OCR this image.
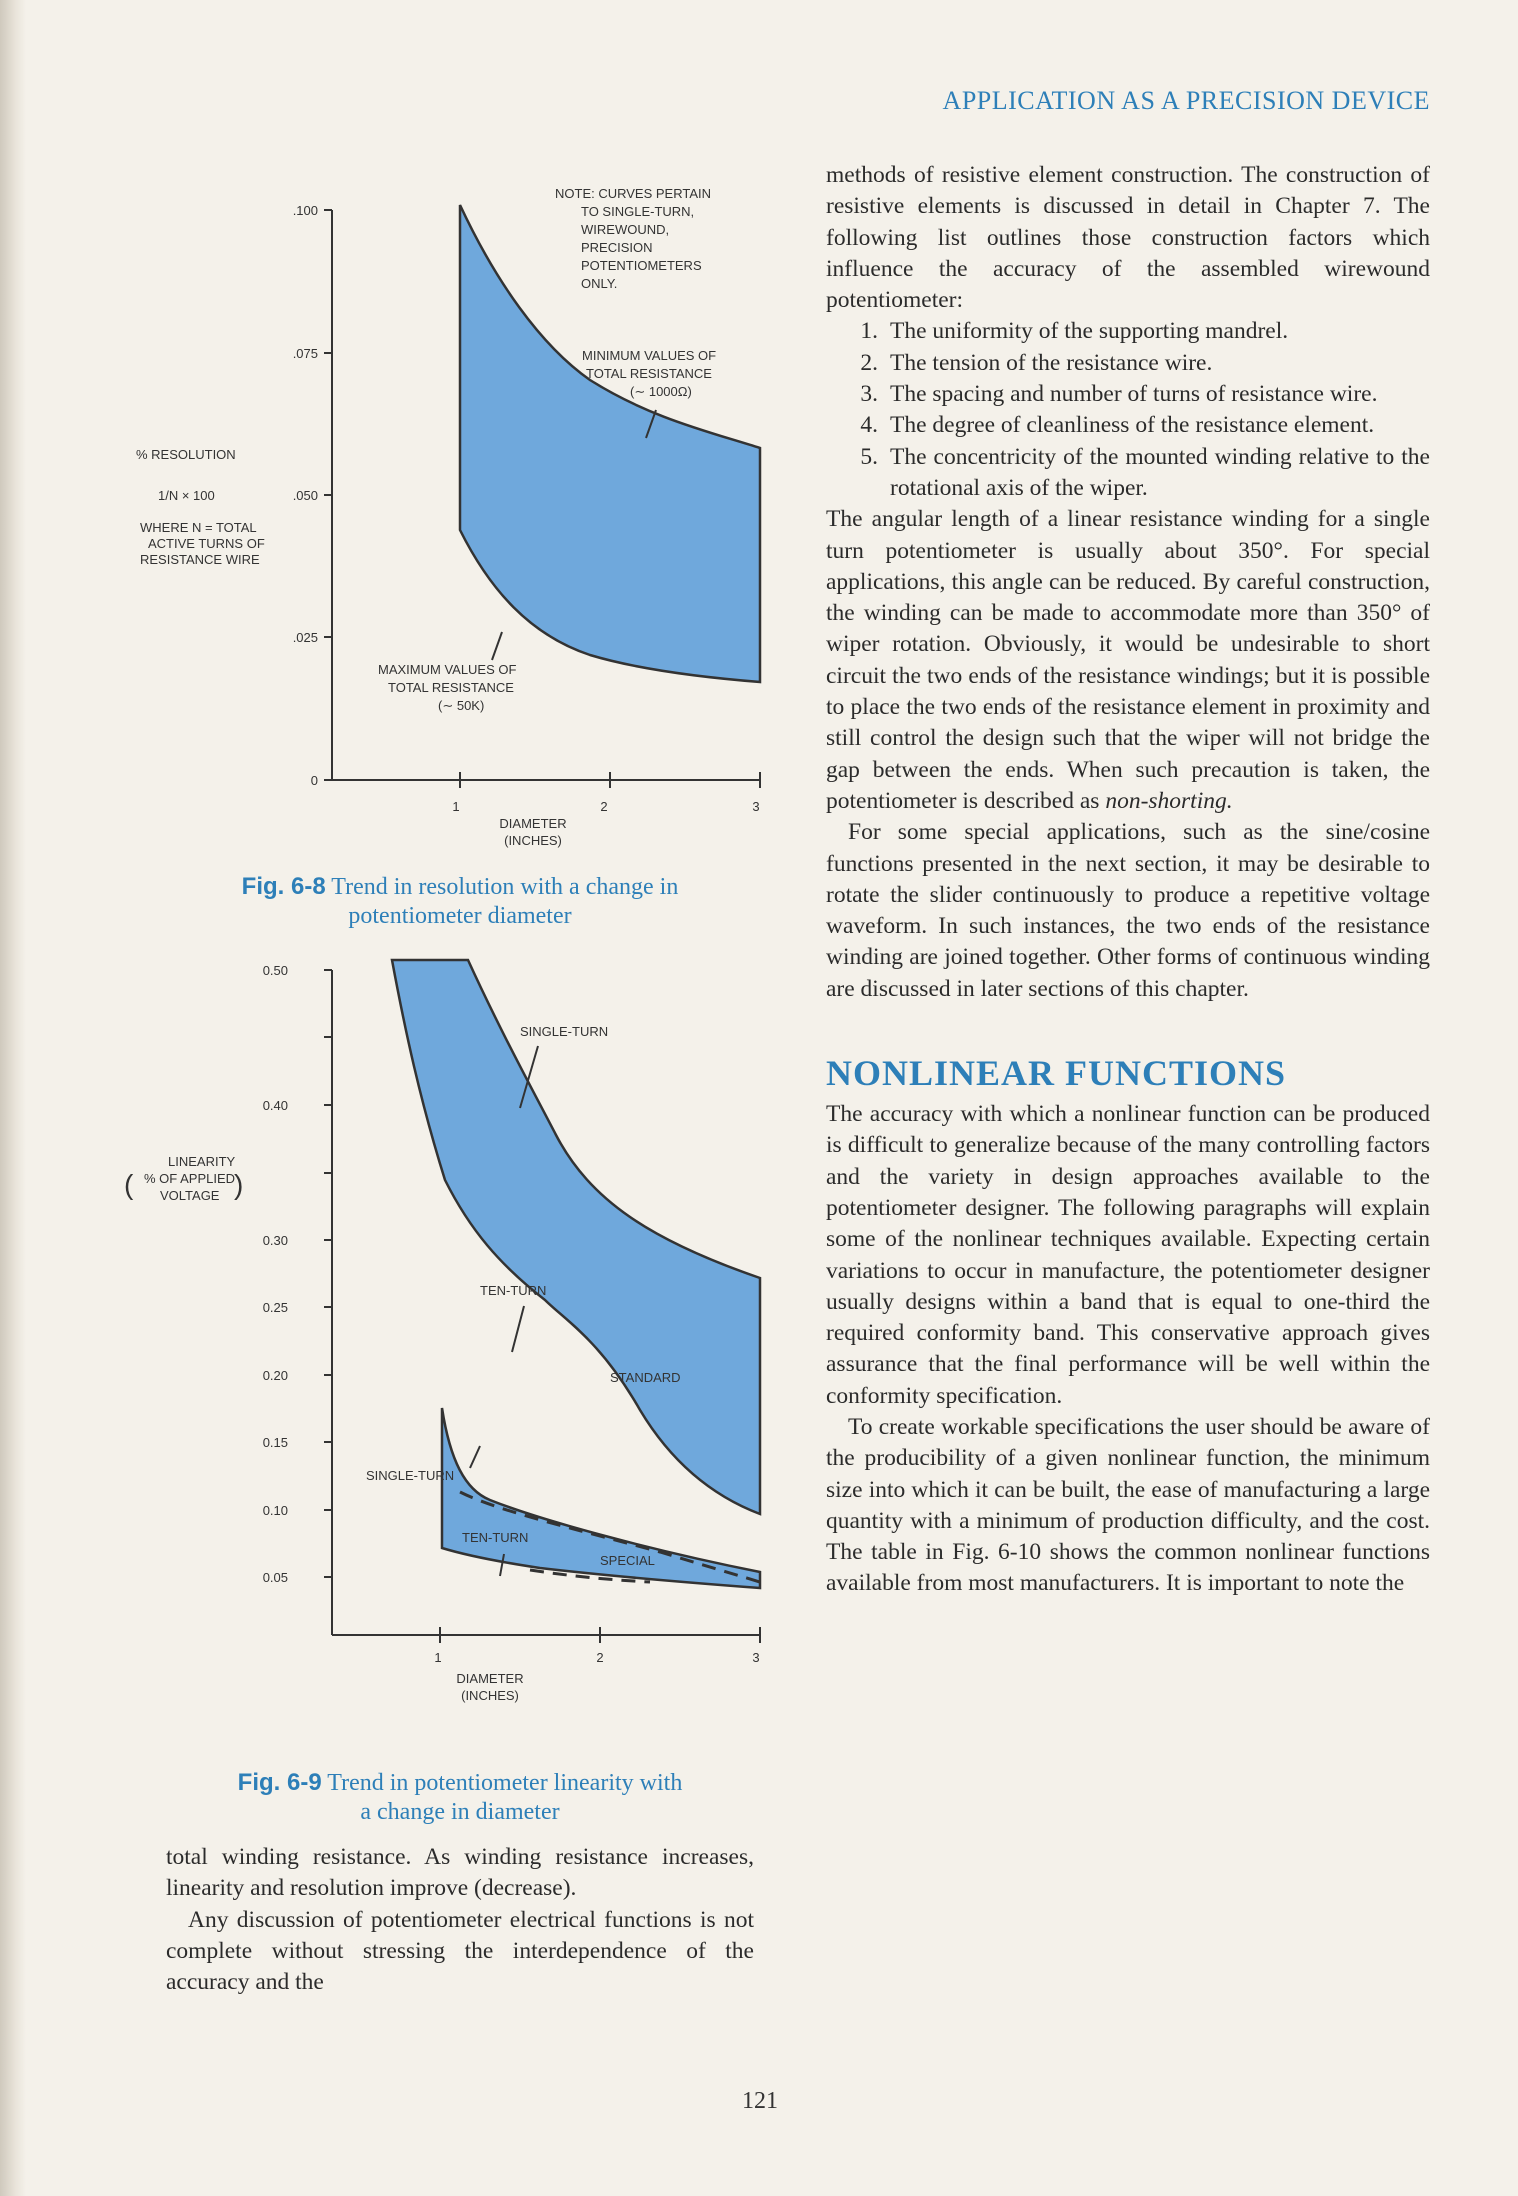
APPLICATION AS A PRECISION DEVICE
.100
.075
.050
.025
0
1	2	3
DIAMETER
(INCHES)
% RESOLUTION
1/N × 100
WHERE N = TOTAL
ACTIVE TURNS OF
RESISTANCE WIRE
NOTE: CURVES PERTAIN
TO SINGLE-TURN,
WIREWOUND,
PRECISION
POTENTIOMETERS
ONLY.
MINIMUM VALUES OF
TOTAL RESISTANCE
(∼ 1000Ω)
MAXIMUM VALUES OF
TOTAL RESISTANCE
(∼ 50K)
Fig. 6-8 Trend in resolution with a change in
potentiometer diameter
0.50
0.40
0.30
0.25
0.20
0.15
0.10
0.05
1	2	3
DIAMETER
(INCHES)
LINEARITY
( % OF APPLIED
VOLTAGE )
SINGLE-TURN
TEN-TURN
STANDARD
SINGLE-TURN
TEN-TURN
SPECIAL
Fig. 6-9 Trend in potentiometer linearity with
a change in diameter

total winding resistance. As winding resistance increases, linearity and resolution improve (decrease).

Any discussion of potentiometer electrical functions is not complete without stressing the interdependence of the accuracy and the

methods of resistive element construction. The construction of resistive elements is discussed in detail in Chapter 7. The following list outlines those construction factors which influence the accuracy of the assembled wirewound potentiometer:

1. The uniformity of the supporting mandrel.
2. The tension of the resistance wire.
3. The spacing and number of turns of resistance wire.
4. The degree of cleanliness of the resistance element.
5. The concentricity of the mounted winding relative to the rotational axis of the wiper.

The angular length of a linear resistance winding for a single turn potentiometer is usually about 350°. For special applications, this angle can be reduced. By careful construction, the winding can be made to accommodate more than 350° of wiper rotation. Obviously, it would be undesirable to short circuit the two ends of the resistance windings; but it is possible to place the two ends of the resistance element in proximity and still control the design such that the wiper will not bridge the gap between the ends. When such precaution is taken, the potentiometer is described as non-shorting.

For some special applications, such as the sine/cosine functions presented in the next section, it may be desirable to rotate the slider continuously to produce a repetitive voltage waveform. In such instances, the two ends of the resistance winding are joined together. Other forms of continuous winding are discussed in later sections of this chapter.

NONLINEAR FUNCTIONS

The accuracy with which a nonlinear function can be produced is difficult to generalize because of the many controlling factors and the variety in design approaches available to the potentiometer designer. The following paragraphs will explain some of the nonlinear techniques available. Expecting certain variations to occur in manufacture, the potentiometer designer usually designs within a band that is equal to one-third the required conformity band. This conservative approach gives assurance that the final performance will be well within the conformity specification.

To create workable specifications the user should be aware of the producibility of a given nonlinear function, the minimum size into which it can be built, the ease of manufacturing a large quantity with a minimum of production difficulty, and the cost. The table in Fig. 6-10 shows the common nonlinear functions available from most manufacturers. It is important to note the

121
